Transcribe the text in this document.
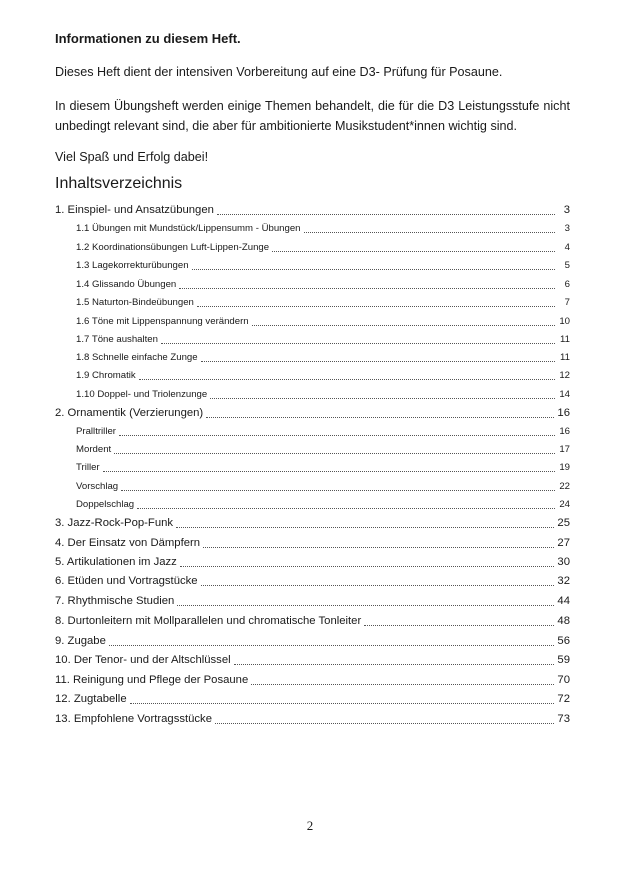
Informationen zu diesem Heft.
Dieses Heft dient der intensiven Vorbereitung auf eine D3- Prüfung für Posaune.
In diesem Übungsheft werden einige Themen behandelt, die für die D3 Leistungsstufe nicht unbedingt relevant sind, die aber für ambitionierte Musikstudent*innen wichtig sind.
Viel Spaß und Erfolg dabei!
Inhaltsverzeichnis
1. Einspiel- und Ansatzübungen	3
1.1 Übungen mit Mundstück/Lippensumm - Übungen	3
1.2 Koordinationsübungen Luft-Lippen-Zunge	4
1.3 Lagekorrekturübungen	5
1.4 Glissando Übungen	6
1.5 Naturton-Bindeübungen	7
1.6 Töne mit Lippenspannung verändern	10
1.7 Töne aushalten	11
1.8 Schnelle einfache Zunge	11
1.9 Chromatik	12
1.10 Doppel- und Triolenzunge	14
2. Ornamentik (Verzierungen)	16
Pralltriller	16
Mordent	17
Triller	19
Vorschlag	22
Doppelschlag	24
3. Jazz-Rock-Pop-Funk	25
4. Der Einsatz von Dämpfern	27
5. Artikulationen im Jazz	30
6. Etüden und Vortragstücke	32
7. Rhythmische Studien	44
8. Durtonleitern mit Mollparallelen und chromatische Tonleiter	48
9. Zugabe	56
10. Der Tenor- und der Altschlüssel	59
11. Reinigung und Pflege der Posaune	70
12. Zugtabelle	72
13. Empfohlene Vortragsstücke	73
2
